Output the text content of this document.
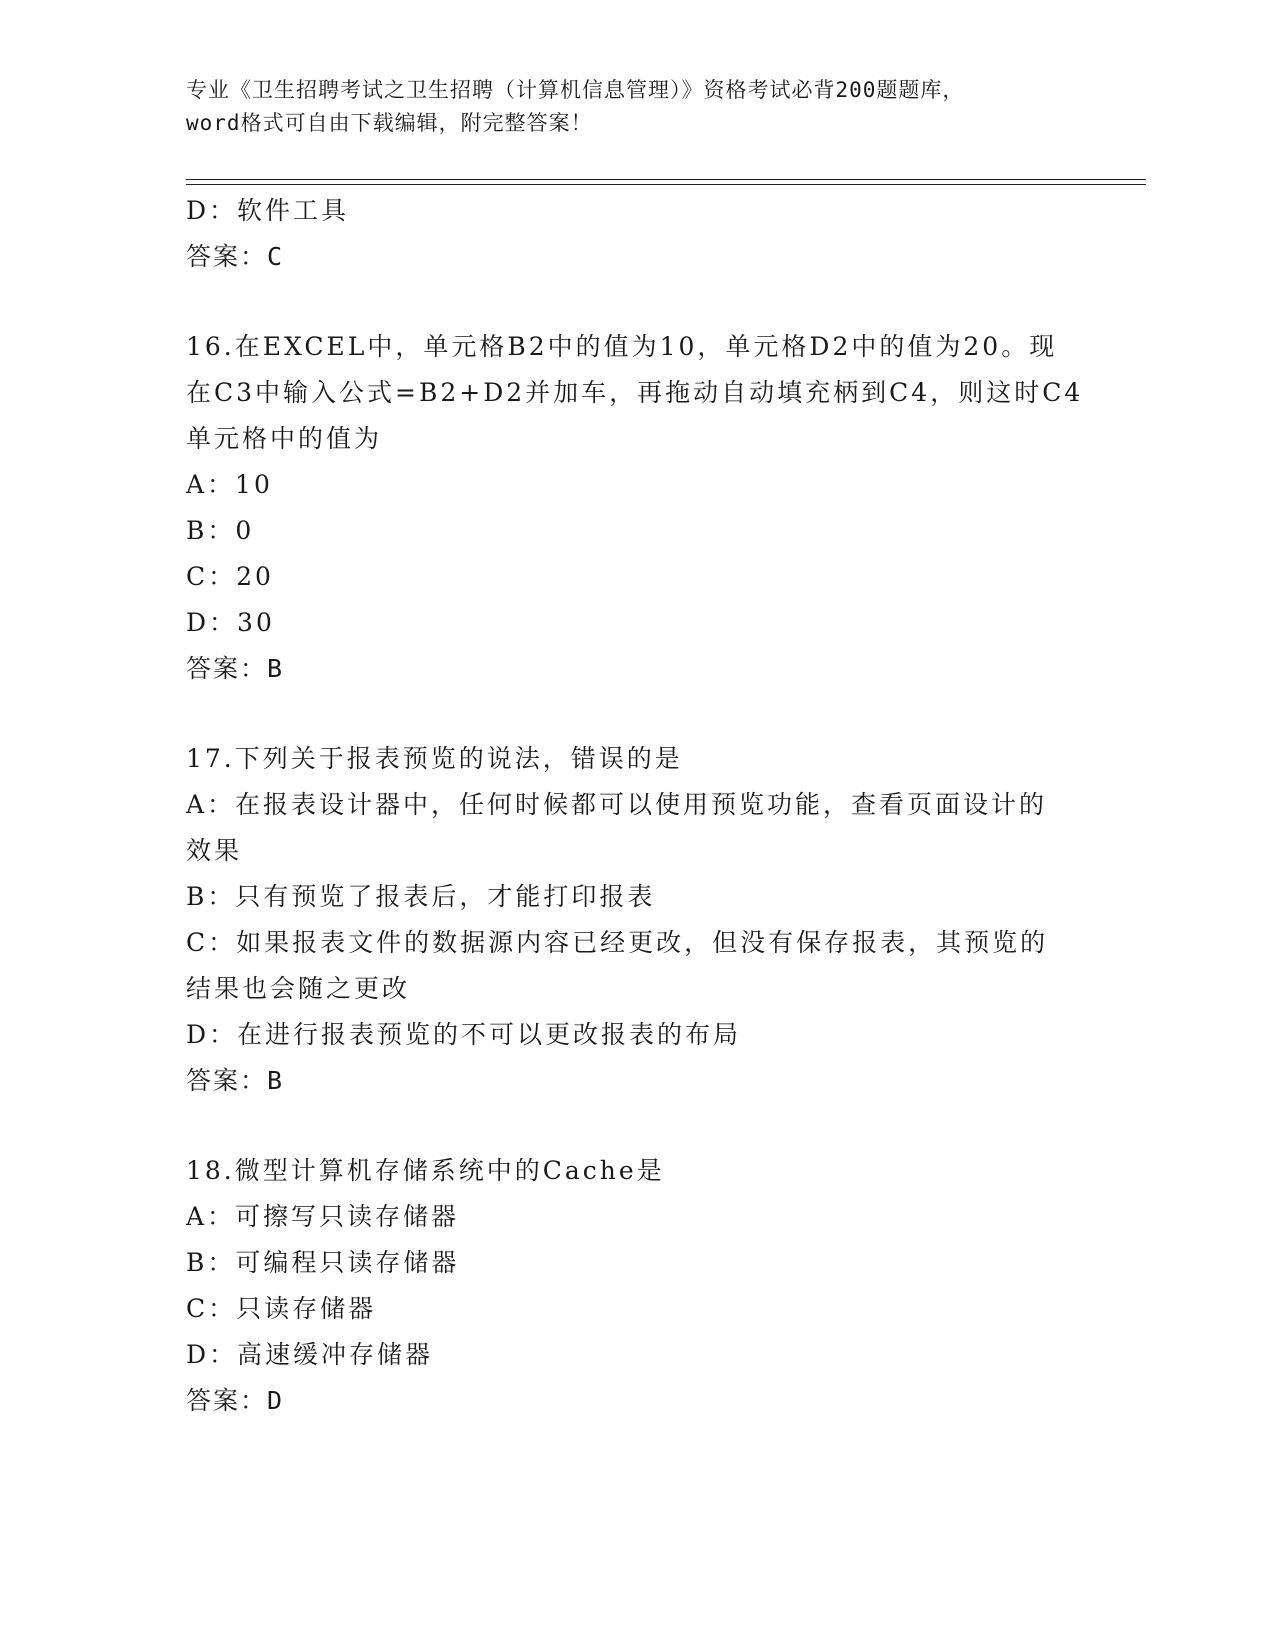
专业《卫生招聘考试之卫生招聘（计算机信息管理）》资格考试必背200题题库，
word格式可自由下载编辑，附完整答案！
D：软件工具
答案：C
16.在EXCEL中，单元格B2中的值为10，单元格D2中的值为20。现
在C3中输入公式=B2+D2并加车，再拖动自动填充柄到C4，则这时C4
单元格中的值为
A：10
B：0
C：20
D：30
答案：B
17.下列关于报表预览的说法，错误的是
A：在报表设计器中，任何时候都可以使用预览功能，查看页面设计的
效果
B：只有预览了报表后，才能打印报表
C：如果报表文件的数据源内容已经更改，但没有保存报表，其预览的
结果也会随之更改
D：在进行报表预览的不可以更改报表的布局
答案：B
18.微型计算机存储系统中的Cache是
A：可擦写只读存储器
B：可编程只读存储器
C：只读存储器
D：高速缓冲存储器
答案：D
